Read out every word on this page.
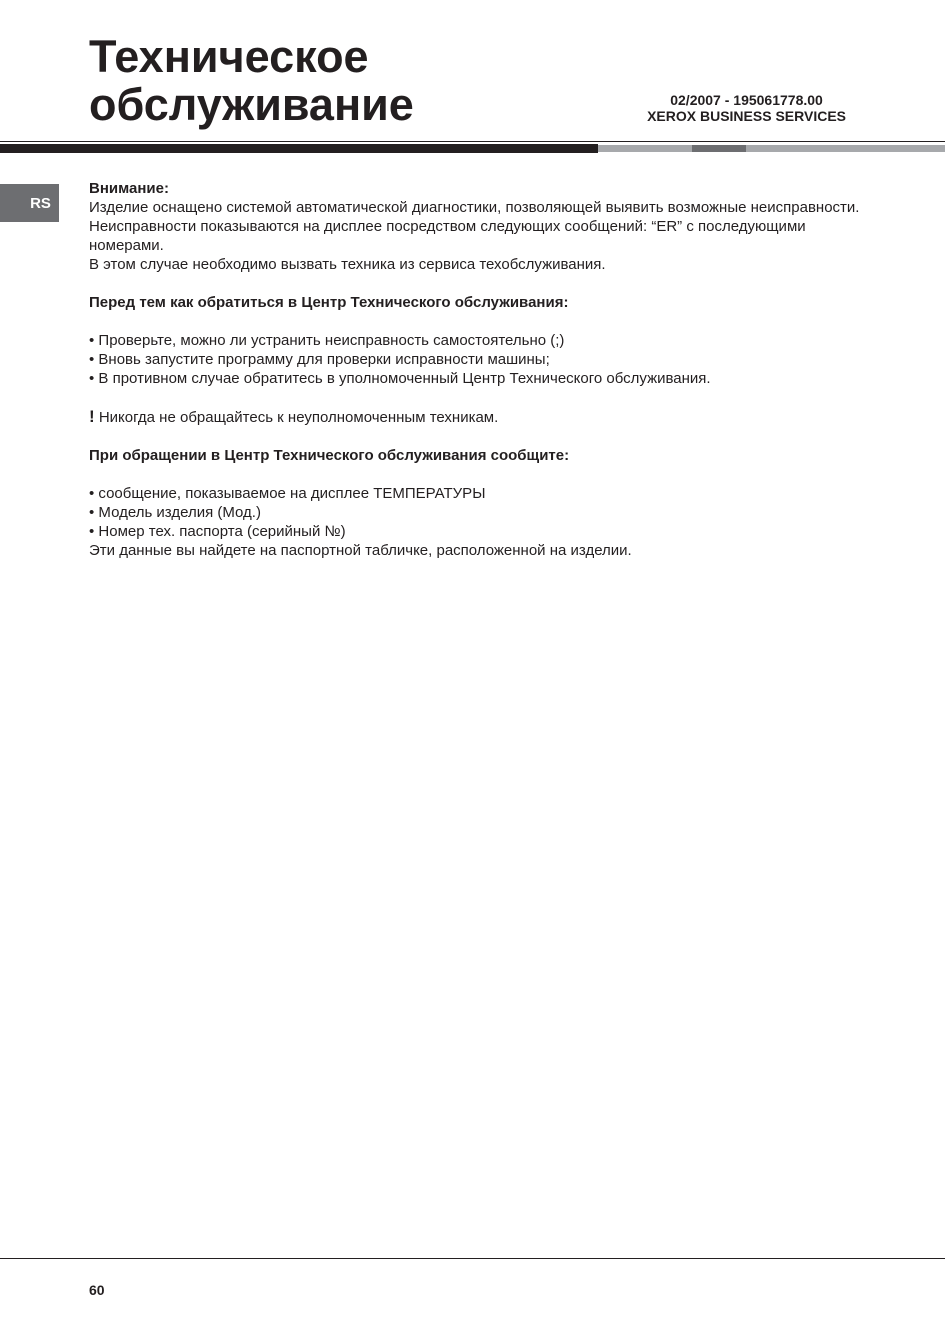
Техническое
обслуживание	02/2007 - 195061778.00
XEROX BUSINESS SERVICES
RS

Внимание:

Изделие оснащено системой автоматической диагностики, позволяющей выявить возможные неисправности.

Неисправности показываются на дисплее посредством следующих сообщений: “ER” с последующими

номерами.

В этом случае необходимо вызвать техника из сервиса техобслуживания.

Перед тем как обратиться в Центр Технического обслуживания:

• Проверьте, можно ли устранить неисправность самостоятельно (;)

• Вновь запустите программу для проверки исправности машины;

• В противном случае обратитесь в уполномоченный Центр Технического обслуживания.

! Никогда не обращайтесь к неуполномоченным техникам.

При обращении в Центр Технического обслуживания сообщите:

• сообщение, показываемое на дисплее ТЕМПЕРАТУРЫ

• Модель изделия (Мод.)

• Номер тех. паспорта (серийный №)

Эти данные вы найдете на паспортной табличке, расположенной на изделии.

60
